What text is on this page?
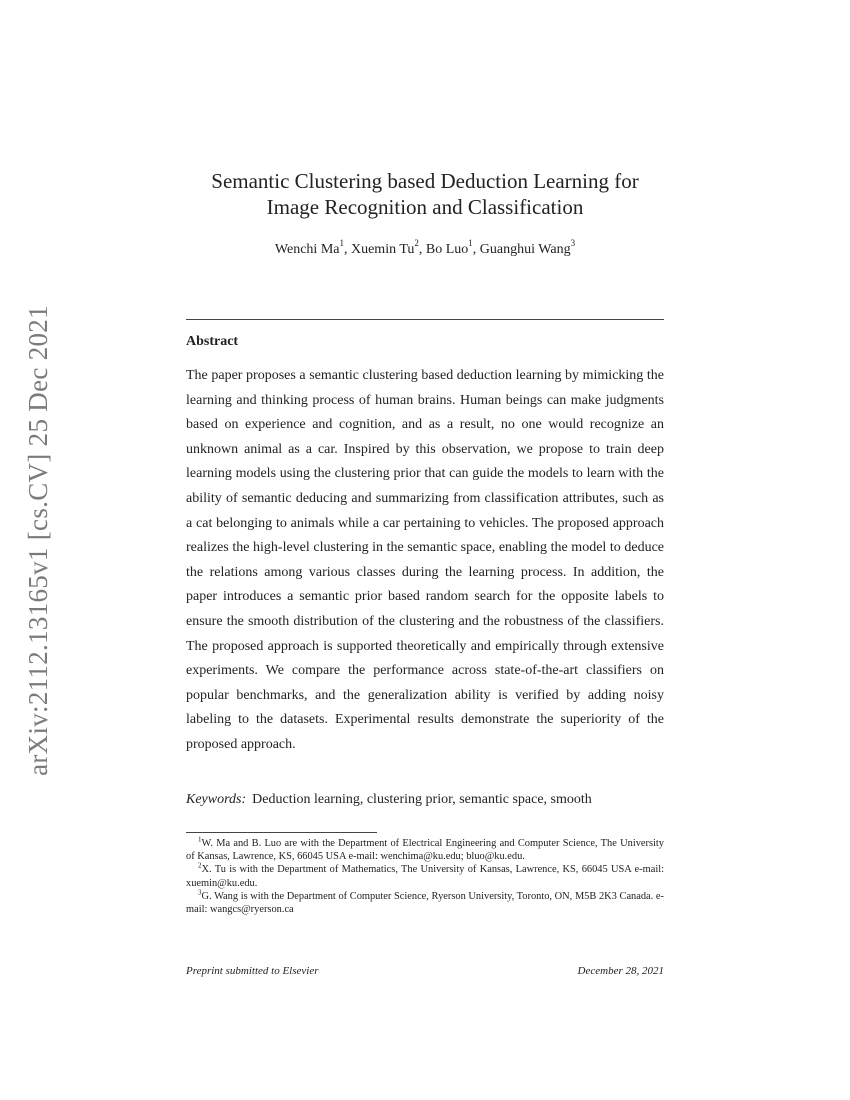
arXiv:2112.13165v1 [cs.CV] 25 Dec 2021
Semantic Clustering based Deduction Learning for
Image Recognition and Classification
Wenchi Ma$^1$, Xuemin Tu$^2$, Bo Luo$^1$, Guanghui Wang$^3$
Abstract
The paper proposes a semantic clustering based deduction learning by mimicking the learning and thinking process of human brains. Human beings can make judgments based on experience and cognition, and as a result, no one would recognize an unknown animal as a car. Inspired by this observation, we propose to train deep learning models using the clustering prior that can guide the models to learn with the ability of semantic deducing and summarizing from classification attributes, such as a cat belonging to animals while a car pertaining to vehicles. The proposed approach realizes the high-level clustering in the semantic space, enabling the model to deduce the relations among various classes during the learning process. In addition, the paper introduces a semantic prior based random search for the opposite labels to ensure the smooth distribution of the clustering and the robustness of the classifiers. The proposed approach is supported theoretically and empirically through extensive experiments. We compare the performance across state-of-the-art classifiers on popular benchmarks, and the generalization ability is verified by adding noisy labeling to the datasets. Experimental results demonstrate the superiority of the proposed approach.
Keywords: Deduction learning, clustering prior, semantic space, smooth

$^1$W. Ma and B. Luo are with the Department of Electrical Engineering and Computer Science, The University of Kansas, Lawrence, KS, 66045 USA e-mail: wenchima@ku.edu; bluo@ku.edu.

$^2$X. Tu is with the Department of Mathematics, The University of Kansas, Lawrence, KS, 66045 USA e-mail: xuemin@ku.edu.

$^3$G. Wang is with the Department of Computer Science, Ryerson University, Toronto, ON, M5B 2K3 Canada. e-mail: wangcs@ryerson.ca

Preprint submitted to Elsevier	December 28, 2021
